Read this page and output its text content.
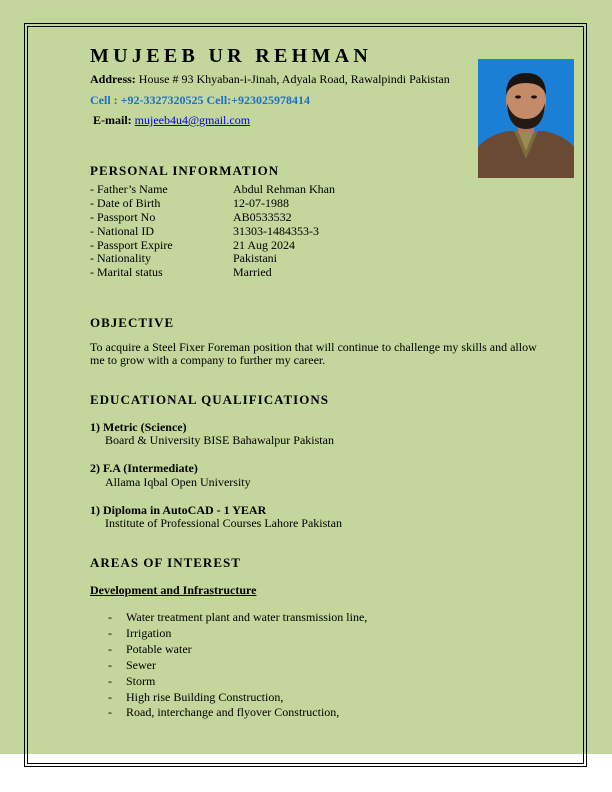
MUJEEB UR REHMAN
Address: House # 93 Khyaban-i-Jinah, Adyala Road, Rawalpindi Pakistan
Cell : +92-3327320525 Cell:+923025978414
E-mail: mujeeb4u4@gmail.com
PERSONAL INFORMATION
- Father’s Name	Abdul Rehman Khan
- Date of Birth	12-07-1988
- Passport No	AB0533532
- National ID	31303-1484353-3
- Passport Expire	21 Aug 2024
- Nationality	Pakistani
- Marital status	Married
OBJECTIVE
To acquire a Steel Fixer Foreman position that will continue to challenge my skills and allow me to grow with a company to further my career.
EDUCATIONAL QUALIFICATIONS
1) Metric (Science)
Board & University BISE Bahawalpur Pakistan
2) F.A (Intermediate)
Allama Iqbal Open University
1) Diploma in AutoCAD - 1 YEAR
Institute of Professional Courses Lahore Pakistan
AREAS OF INTEREST
Development and Infrastructure
- Water treatment plant and water transmission line,
- Irrigation
- Potable water
- Sewer
- Storm
- High rise Building Construction,
- Road, interchange and flyover Construction,
